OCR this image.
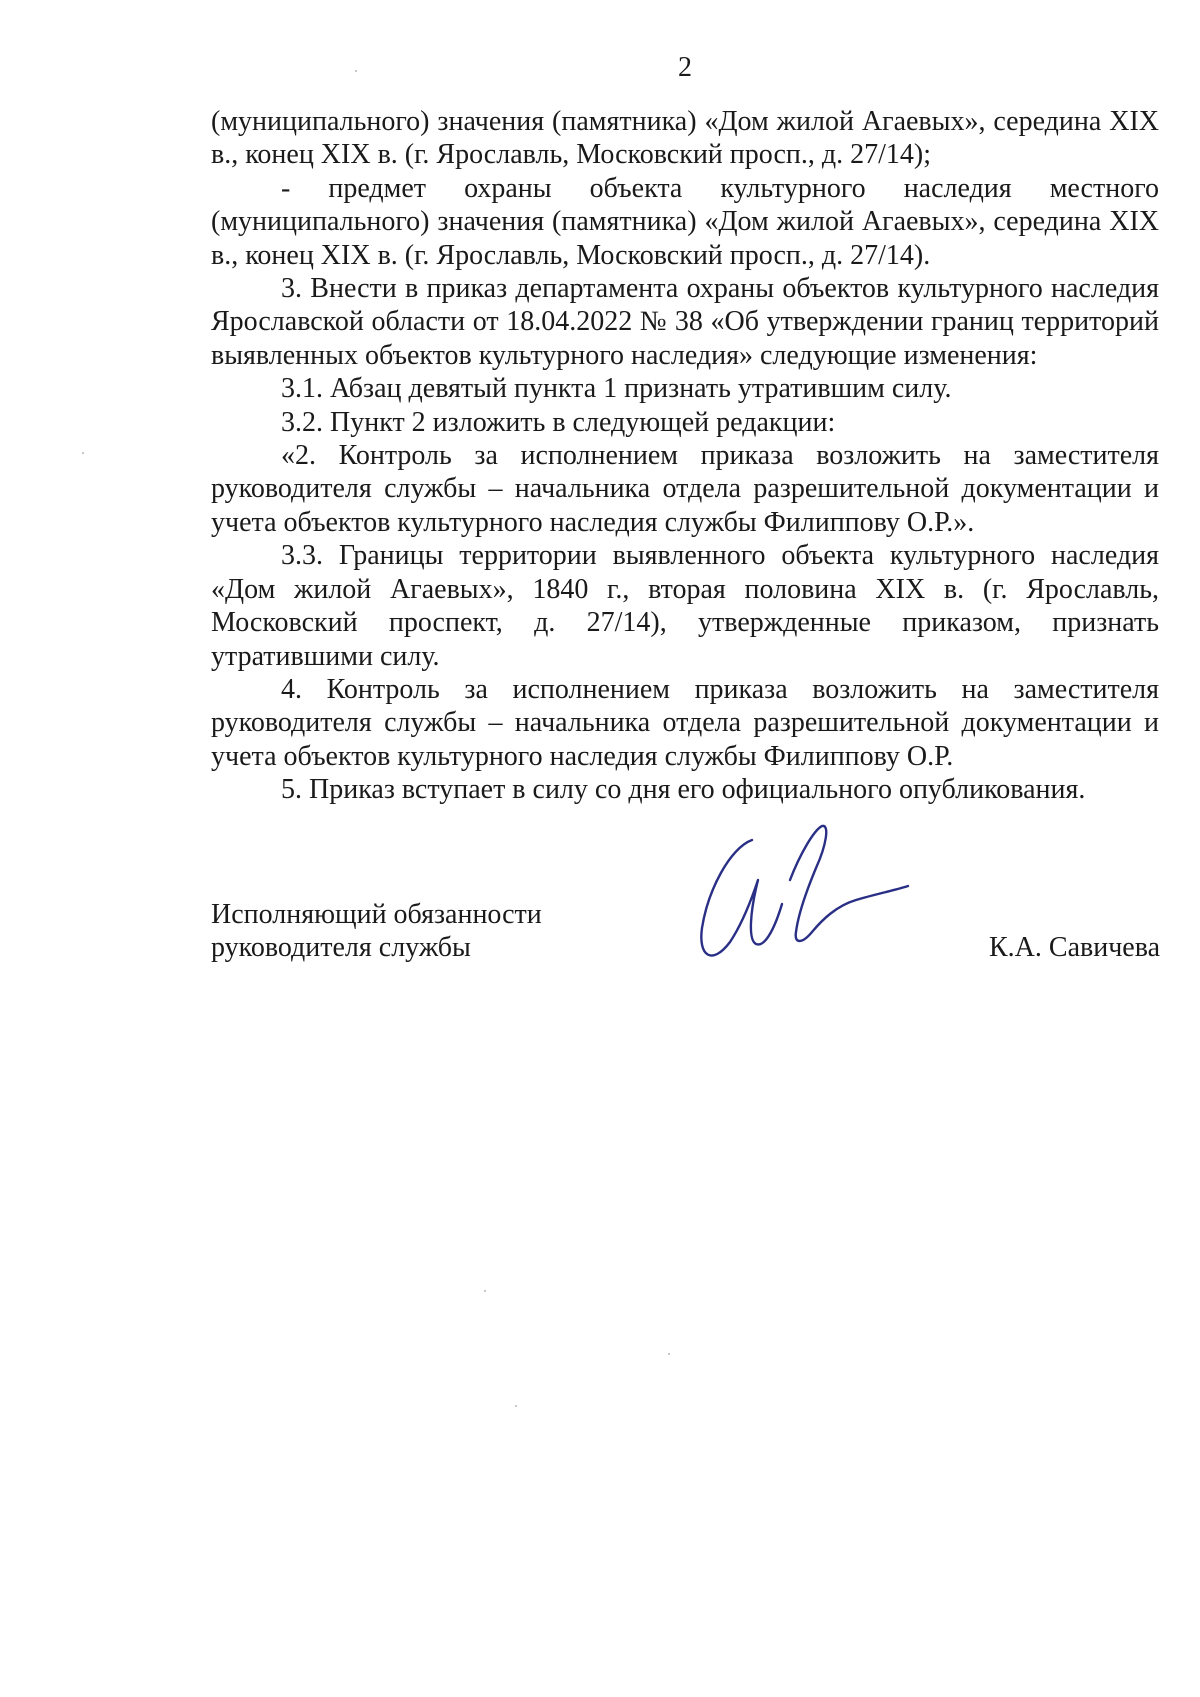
2

(муниципального) значения (памятника) «Дом жилой Агаевых», середина XIX в., конец XIX в. (г. Ярославль, Московский просп., д. 27/14);

- предмет охраны объекта культурного наследия местного (муниципального) значения (памятника) «Дом жилой Агаевых», середина XIX в., конец XIX в. (г. Ярославль, Московский просп., д. 27/14).

3. Внести в приказ департамента охраны объектов культурного наследия Ярославской области от 18.04.2022 № 38 «Об утверждении границ территорий выявленных объектов культурного наследия» следующие изменения:

3.1. Абзац девятый пункта 1 признать утратившим силу.

3.2. Пункт 2 изложить в следующей редакции:

«2. Контроль за исполнением приказа возложить на заместителя руководителя службы – начальника отдела разрешительной документации и учета объектов культурного наследия службы Филиппову О.Р.».

3.3. Границы территории выявленного объекта культурного наследия «Дом жилой Агаевых», 1840 г., вторая половина XIX в. (г. Ярославль, Московский проспект, д. 27/14), утвержденные приказом, признать утратившими силу.

4. Контроль за исполнением приказа возложить на заместителя руководителя службы – начальника отдела разрешительной документации и учета объектов культурного наследия службы Филиппову О.Р.

5. Приказ вступает в силу со дня его официального опубликования.

Исполняющий обязанности
руководителя службы	К.А. Савичева
